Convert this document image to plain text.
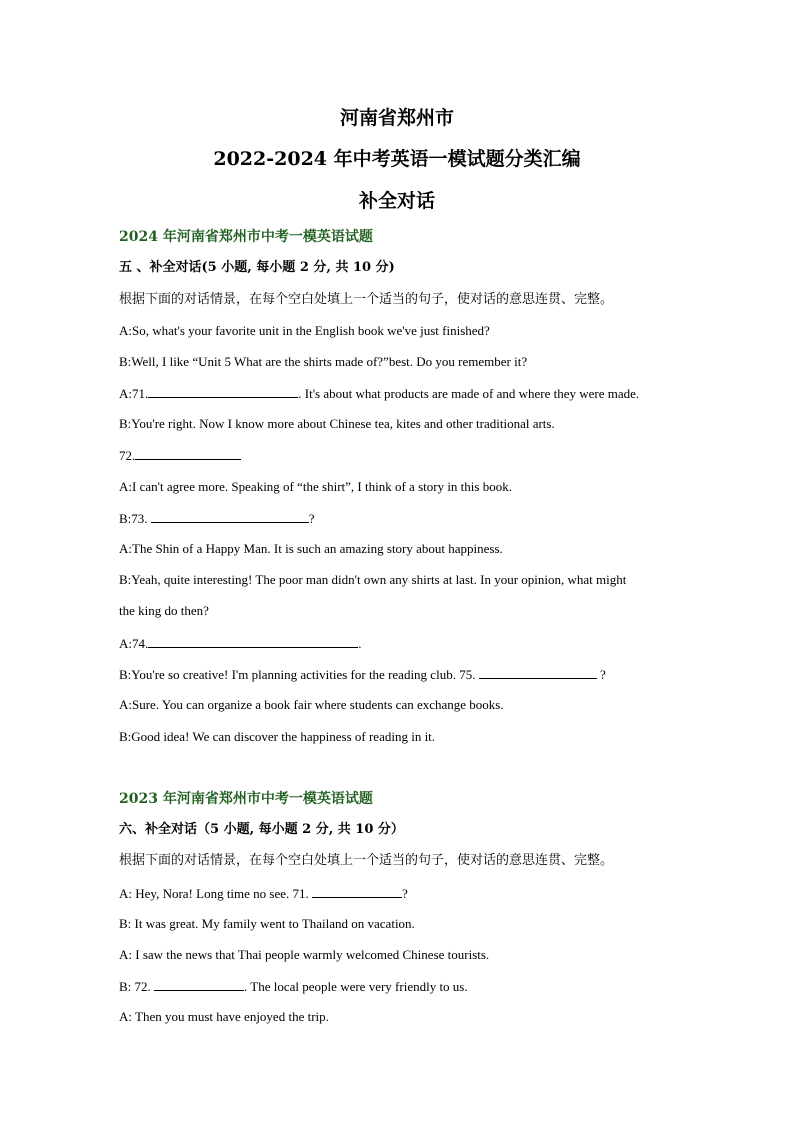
河南省郑州市
2022-2024 年中考英语一模试题分类汇编
补全对话
2024 年河南省郑州市中考一模英语试题
五 、补全对话(5 小题, 每小题 2 分, 共 10 分)
根据下面的对话情景，在每个空白处填上一个适当的句子，使对话的意思连贯、完整。
A:So, what's your favorite unit in the English book we've just finished?
B:Well, I like “Unit 5 What are the shirts made of?”best. Do you remember it?
A:71.	. It's about what products are made of and where they were made.
B:You're right. Now I know more about Chinese tea, kites and other traditional arts.
72.
A:I can't agree more. Speaking of “the shirt”, I think of a story in this book.
B:73.	?
A:The Shin of a Happy Man. It is such an amazing story about happiness.
B:Yeah, quite interesting! The poor man didn't own any shirts at last. In your opinion, what might
the king do then?
A:74.	.
B:You're so creative! I'm planning activities for the reading club. 75.	?
A:Sure. You can organize a book fair where students can exchange books.
B:Good idea! We can discover the happiness of reading in it.
2023 年河南省郑州市中考一模英语试题
六、补全对话（5 小题, 每小题 2 分, 共 10 分）
根据下面的对话情景，在每个空白处填上一个适当的句子，使对话的意思连贯、完整。
A: Hey, Nora! Long time no see. 71.	?
B: It was great. My family went to Thailand on vacation.
A: I saw the news that Thai people warmly welcomed Chinese tourists.
B: 72.	. The local people were very friendly to us.
A: Then you must have enjoyed the trip.
